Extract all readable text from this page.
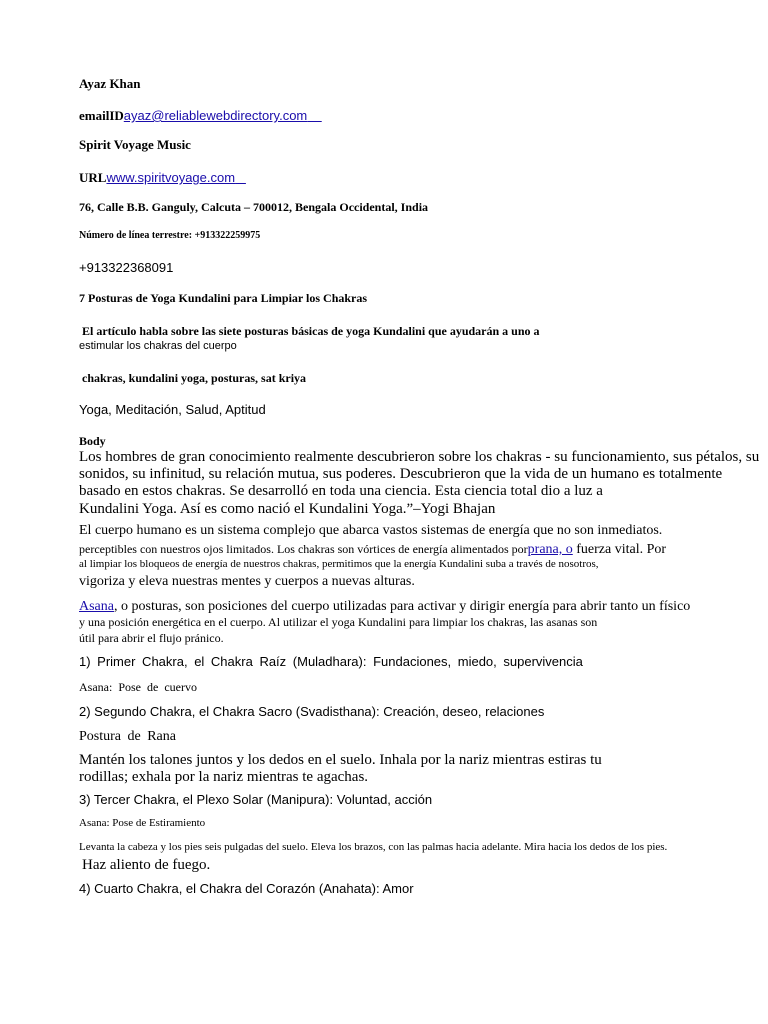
Ayaz Khan
emailIDayaz@reliablewebdirectory.com
Spirit Voyage Music
URLwww.spiritvoyage.com
76, Calle B.B. Ganguly, Calcuta – 700012, Bengala Occidental, India
Número de línea terrestre: +913322259975
+913322368091
7 Posturas de Yoga Kundalini para Limpiar los Chakras
El artículo habla sobre las siete posturas básicas de yoga Kundalini que ayudarán a uno a
estimular los chakras del cuerpo
chakras, kundalini yoga, posturas, sat kriya
Yoga, Meditación, Salud, Aptitud
Body
Los hombres de gran conocimiento realmente descubrieron sobre los chakras - su funcionamiento, sus pétalos, su
sonidos, su infinitud, su relación mutua, sus poderes. Descubrieron que la vida de un humano es totalmente
basado en estos chakras. Se desarrolló en toda una ciencia. Esta ciencia total dio a luz a
Kundalini Yoga. Así es como nació el Kundalini Yoga.”–Yogi Bhajan
El cuerpo humano es un sistema complejo que abarca vastos sistemas de energía que no son inmediatos.
perceptibles con nuestros ojos limitados. Los chakras son vórtices de energía alimentados porprana, o fuerza vital. Por
al limpiar los bloqueos de energía de nuestros chakras, permitimos que la energía Kundalini suba a través de nosotros,
vigoriza y eleva nuestras mentes y cuerpos a nuevas alturas.
Asana, o posturas, son posiciones del cuerpo utilizadas para activar y dirigir energía para abrir tanto un físico
y una posición energética en el cuerpo. Al utilizar el yoga Kundalini para limpiar los chakras, las asanas son
útil para abrir el flujo pránico.
1) Primer Chakra, el Chakra Raíz (Muladhara): Fundaciones, miedo, supervivencia
Asana: Pose de cuervo
2) Segundo Chakra, el Chakra Sacro (Svadisthana): Creación, deseo, relaciones
Postura de Rana
Mantén los talones juntos y los dedos en el suelo. Inhala por la nariz mientras estiras tu
rodillas; exhala por la nariz mientras te agachas.
3) Tercer Chakra, el Plexo Solar (Manipura): Voluntad, acción
Asana: Pose de Estiramiento
Levanta la cabeza y los pies seis pulgadas del suelo. Eleva los brazos, con las palmas hacia adelante. Mira hacia los dedos de los pies.
Haz aliento de fuego.
4) Cuarto Chakra, el Chakra del Corazón (Anahata): Amor
